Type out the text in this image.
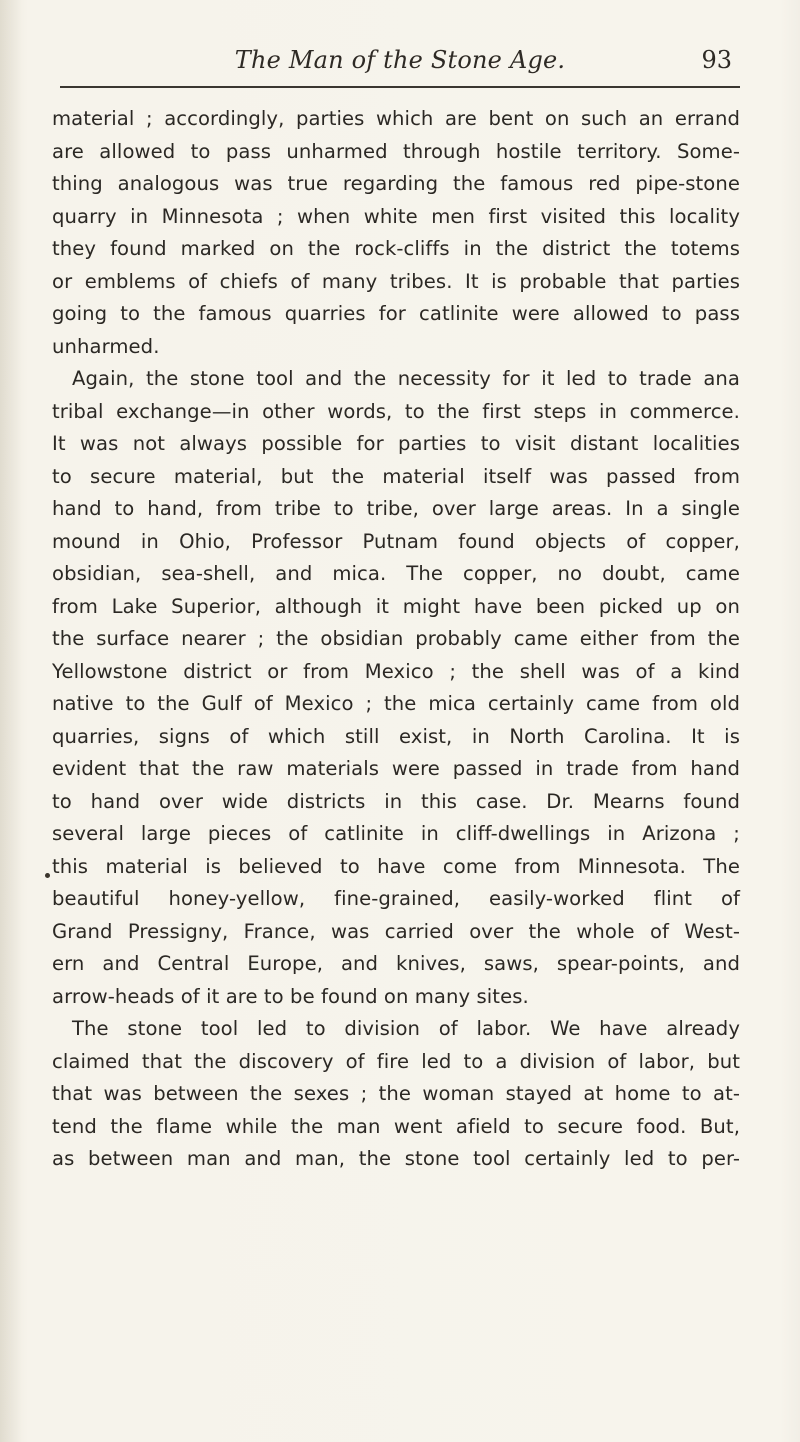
The Man of the Stone Age.	93
material ; accordingly, parties which are bent on such an errand
are allowed to pass unharmed through hostile territory. Some-
thing analogous was true regarding the famous red pipe-stone
quarry in Minnesota ; when white men first visited this locality
they found marked on the rock-cliffs in the district the totems
or emblems of chiefs of many tribes. It is probable that parties
going to the famous quarries for catlinite were allowed to pass
unharmed.
Again, the stone tool and the necessity for it led to trade ana
tribal exchange—in other words, to the first steps in commerce.
It was not always possible for parties to visit distant localities
to secure material, but the material itself was passed from
hand to hand, from tribe to tribe, over large areas. In a single
mound in Ohio, Professor Putnam found objects of copper,
obsidian, sea-shell, and mica. The copper, no doubt, came
from Lake Superior, although it might have been picked up on
the surface nearer ; the obsidian probably came either from the
Yellowstone district or from Mexico ; the shell was of a kind
native to the Gulf of Mexico ; the mica certainly came from old
quarries, signs of which still exist, in North Carolina. It is
evident that the raw materials were passed in trade from hand
to hand over wide districts in this case. Dr. Mearns found
several large pieces of catlinite in cliff-dwellings in Arizona ;
this material is believed to have come from Minnesota. The
beautiful honey-yellow, fine-grained, easily-worked flint of
Grand Pressigny, France, was carried over the whole of West-
ern and Central Europe, and knives, saws, spear-points, and
arrow-heads of it are to be found on many sites.
The stone tool led to division of labor. We have already
claimed that the discovery of fire led to a division of labor, but
that was between the sexes ; the woman stayed at home to at-
tend the flame while the man went afield to secure food. But,
as between man and man, the stone tool certainly led to per-
